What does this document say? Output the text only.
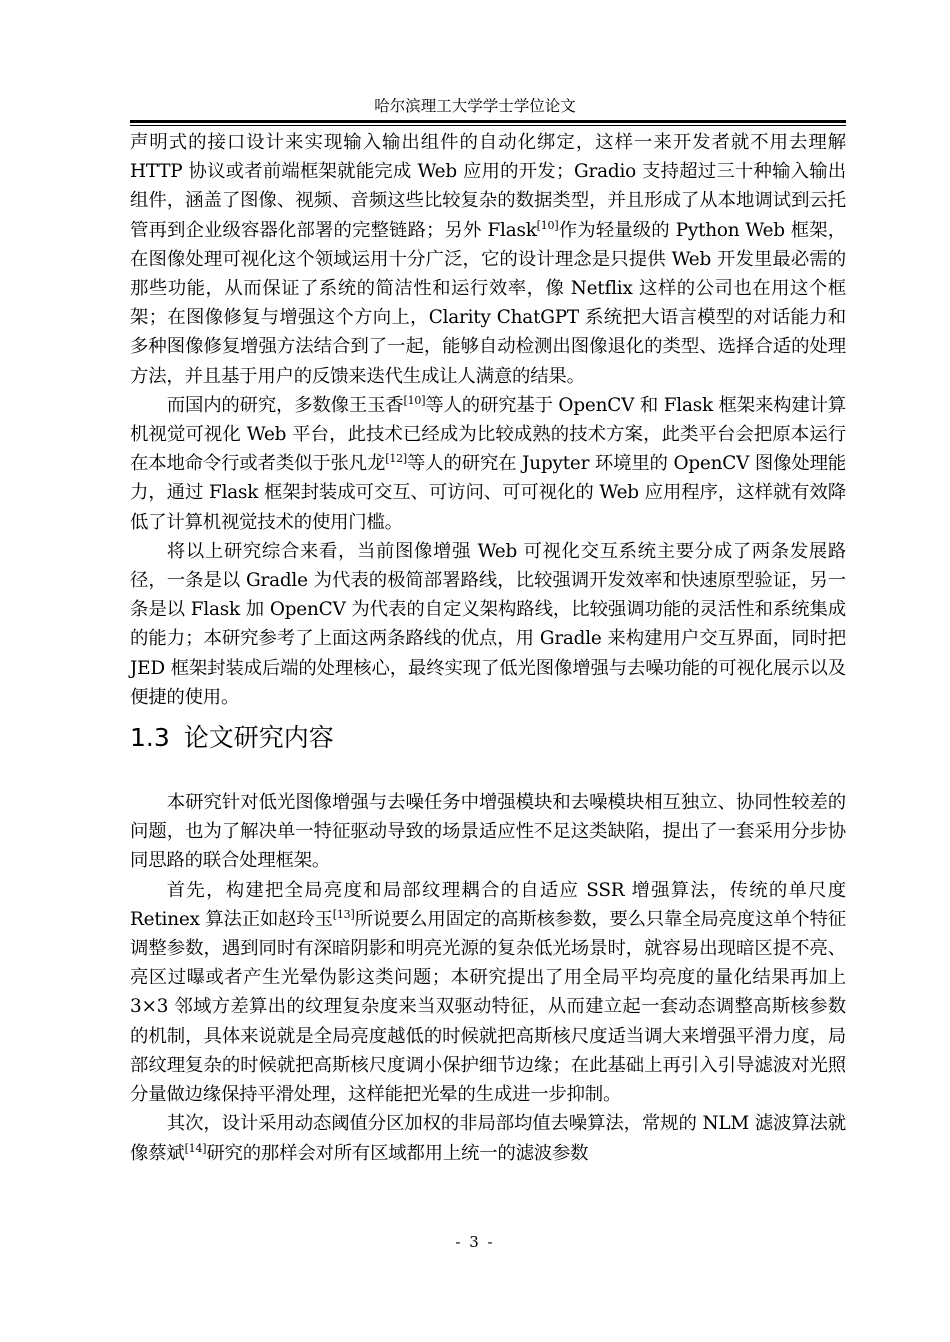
哈尔滨理工大学学士学位论文

声明式的接口设计来实现输入输出组件的自动化绑定，这样一来开发者就不用去理解 HTTP 协议或者前端框架就能完成 Web 应用的开发；Gradio 支持超过三十种输入输出组件，涵盖了图像、视频、音频这些比较复杂的数据类型，并且形成了从本地调试到云托管再到企业级容器化部署的完整链路；另外 Flask[10]作为轻量级的 Python Web 框架，在图像处理可视化这个领域运用十分广泛，它的设计理念是只提供 Web 开发里最必需的那些功能，从而保证了系统的简洁性和运行效率，像 Netflix 这样的公司也在用这个框架；在图像修复与增强这个方向上，Clarity ChatGPT 系统把大语言模型的对话能力和多种图像修复增强方法结合到了一起，能够自动检测出图像退化的类型、选择合适的处理方法，并且基于用户的反馈来迭代生成让人满意的结果。

而国内的研究，多数像王玉香[10]等人的研究基于 OpenCV 和 Flask 框架来构建计算机视觉可视化 Web 平台，此技术已经成为比较成熟的技术方案，此类平台会把原本运行在本地命令行或者类似于张凡龙[12]等人的研究在 Jupyter 环境里的 OpenCV 图像处理能力，通过 Flask 框架封装成可交互、可访问、可可视化的 Web 应用程序，这样就有效降低了计算机视觉技术的使用门槛。

将以上研究综合来看，当前图像增强 Web 可视化交互系统主要分成了两条发展路径，一条是以 Gradle 为代表的极简部署路线，比较强调开发效率和快速原型验证，另一条是以 Flask 加 OpenCV 为代表的自定义架构路线，比较强调功能的灵活性和系统集成的能力；本研究参考了上面这两条路线的优点，用 Gradle 来构建用户交互界面，同时把 JED 框架封装成后端的处理核心，最终实现了低光图像增强与去噪功能的可视化展示以及便捷的使用。

1.3 论文研究内容

本研究针对低光图像增强与去噪任务中增强模块和去噪模块相互独立、协同性较差的问题，也为了解决单一特征驱动导致的场景适应性不足这类缺陷，提出了一套采用分步协同思路的联合处理框架。

首先，构建把全局亮度和局部纹理耦合的自适应 SSR 增强算法，传统的单尺度 Retinex 算法正如赵玲玉[13]所说要么用固定的高斯核参数，要么只靠全局亮度这单个特征调整参数，遇到同时有深暗阴影和明亮光源的复杂低光场景时，就容易出现暗区提不亮、亮区过曝或者产生光晕伪影这类问题；本研究提出了用全局平均亮度的量化结果再加上 3×3 邻域方差算出的纹理复杂度来当双驱动特征，从而建立起一套动态调整高斯核参数的机制，具体来说就是全局亮度越低的时候就把高斯核尺度适当调大来增强平滑力度，局部纹理复杂的时候就把高斯核尺度调小保护细节边缘；在此基础上再引入引导滤波对光照分量做边缘保持平滑处理，这样能把光晕的生成进一步抑制。

其次，设计采用动态阈值分区加权的非局部均值去噪算法，常规的 NLM 滤波算法就像蔡斌[14]研究的那样会对所有区域都用上统一的滤波参数

- 3 -
